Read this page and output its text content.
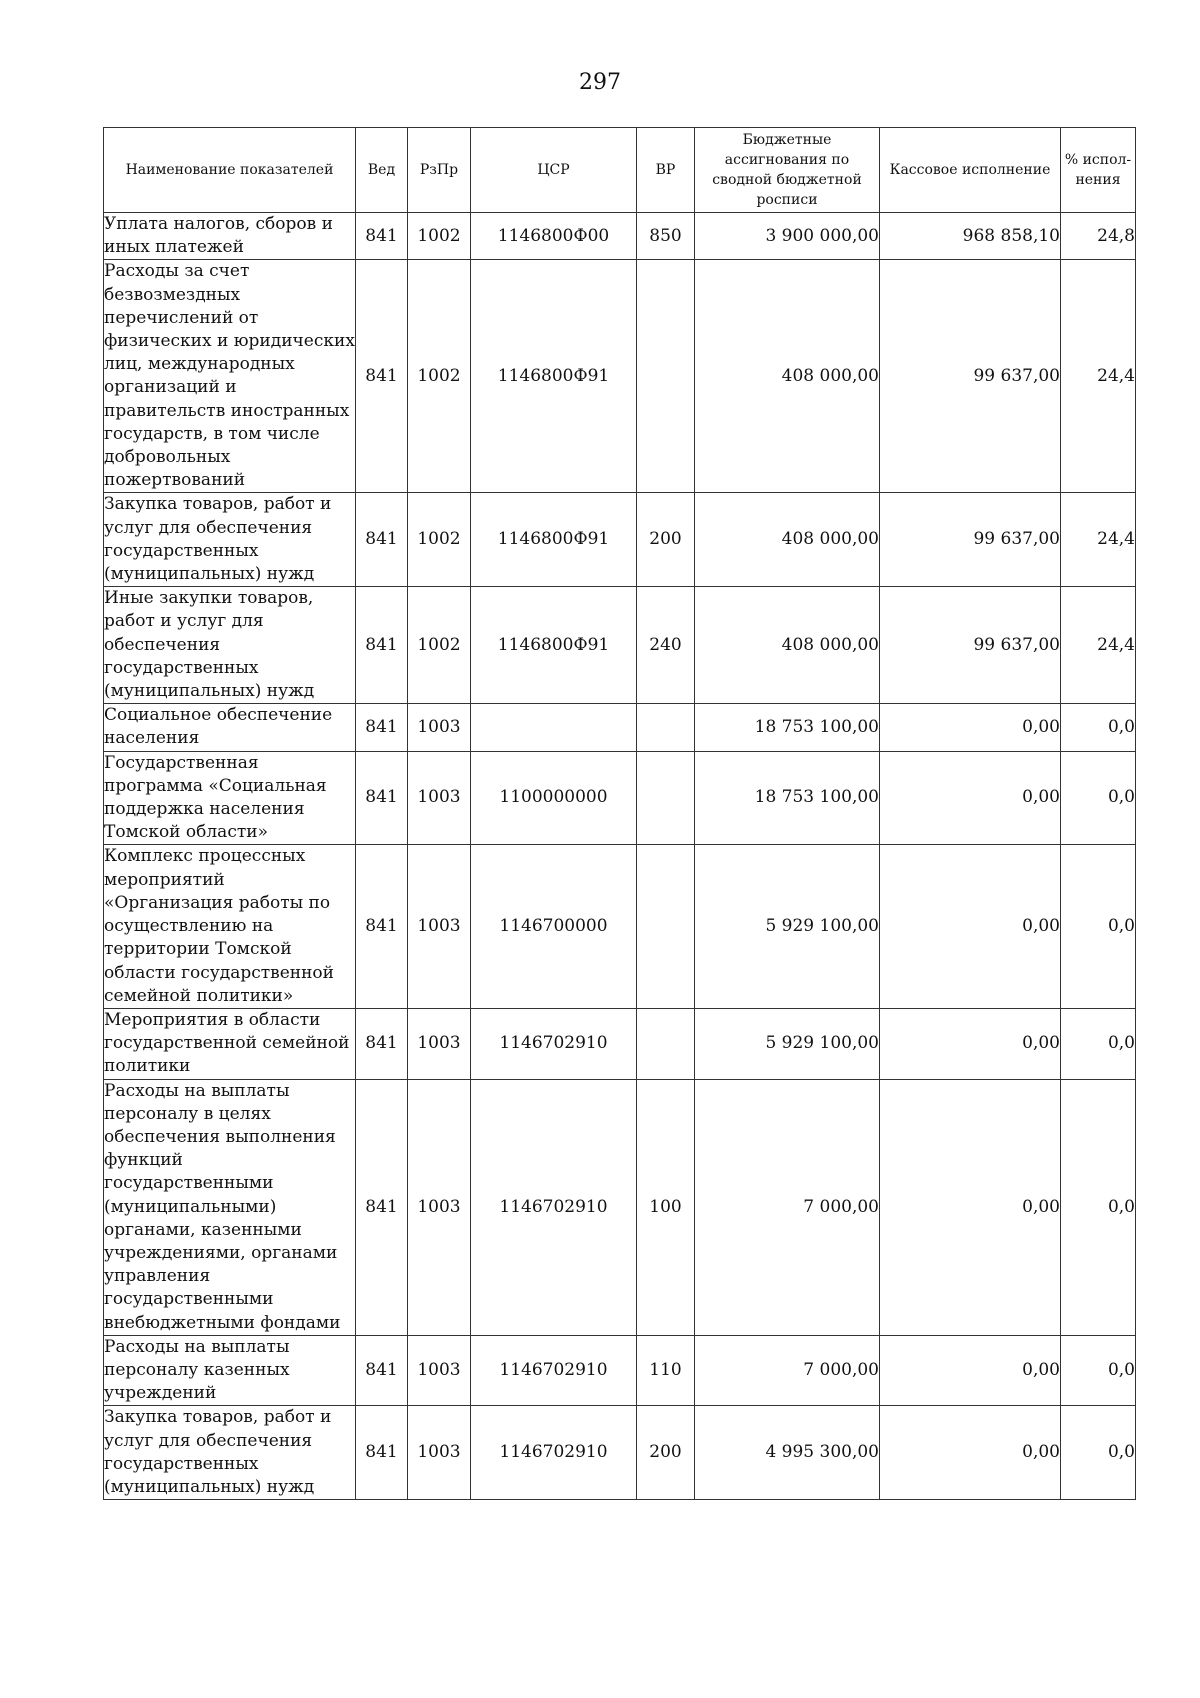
297
Наименование показателей	Вед	РзПр	ЦСР	ВР	Бюджетные ассигнования по сводной бюджетной росписи	Кассовое исполнение	% испол-нения
Уплата налогов, сборов и иных платежей	841	1002	1146800Ф00	850	3 900 000,00	968 858,10	24,8
Расходы за счет безвозмездных перечислений от физических и юридических лиц, международных организаций и правительств иностранных государств, в том числе добровольных пожертвований	841	1002	1146800Ф91		408 000,00	99 637,00	24,4
Закупка товаров, работ и услуг для обеспечения государственных (муниципальных) нужд	841	1002	1146800Ф91	200	408 000,00	99 637,00	24,4
Иные закупки товаров, работ и услуг для обеспечения государственных (муниципальных) нужд	841	1002	1146800Ф91	240	408 000,00	99 637,00	24,4
Социальное обеспечение населения	841	1003			18 753 100,00	0,00	0,0
Государственная программа «Социальная поддержка населения Томской области»	841	1003	1100000000		18 753 100,00	0,00	0,0
Комплекс процессных мероприятий «Организация работы по осуществлению на территории Томской области государственной семейной политики»	841	1003	1146700000		5 929 100,00	0,00	0,0
Мероприятия в области государственной семейной политики	841	1003	1146702910		5 929 100,00	0,00	0,0
Расходы на выплаты персоналу в целях обеспечения выполнения функций государственными (муниципальными) органами, казенными учреждениями, органами управления государственными внебюджетными фондами	841	1003	1146702910	100	7 000,00	0,00	0,0
Расходы на выплаты персоналу казенных учреждений	841	1003	1146702910	110	7 000,00	0,00	0,0
Закупка товаров, работ и услуг для обеспечения государственных (муниципальных) нужд	841	1003	1146702910	200	4 995 300,00	0,00	0,0
